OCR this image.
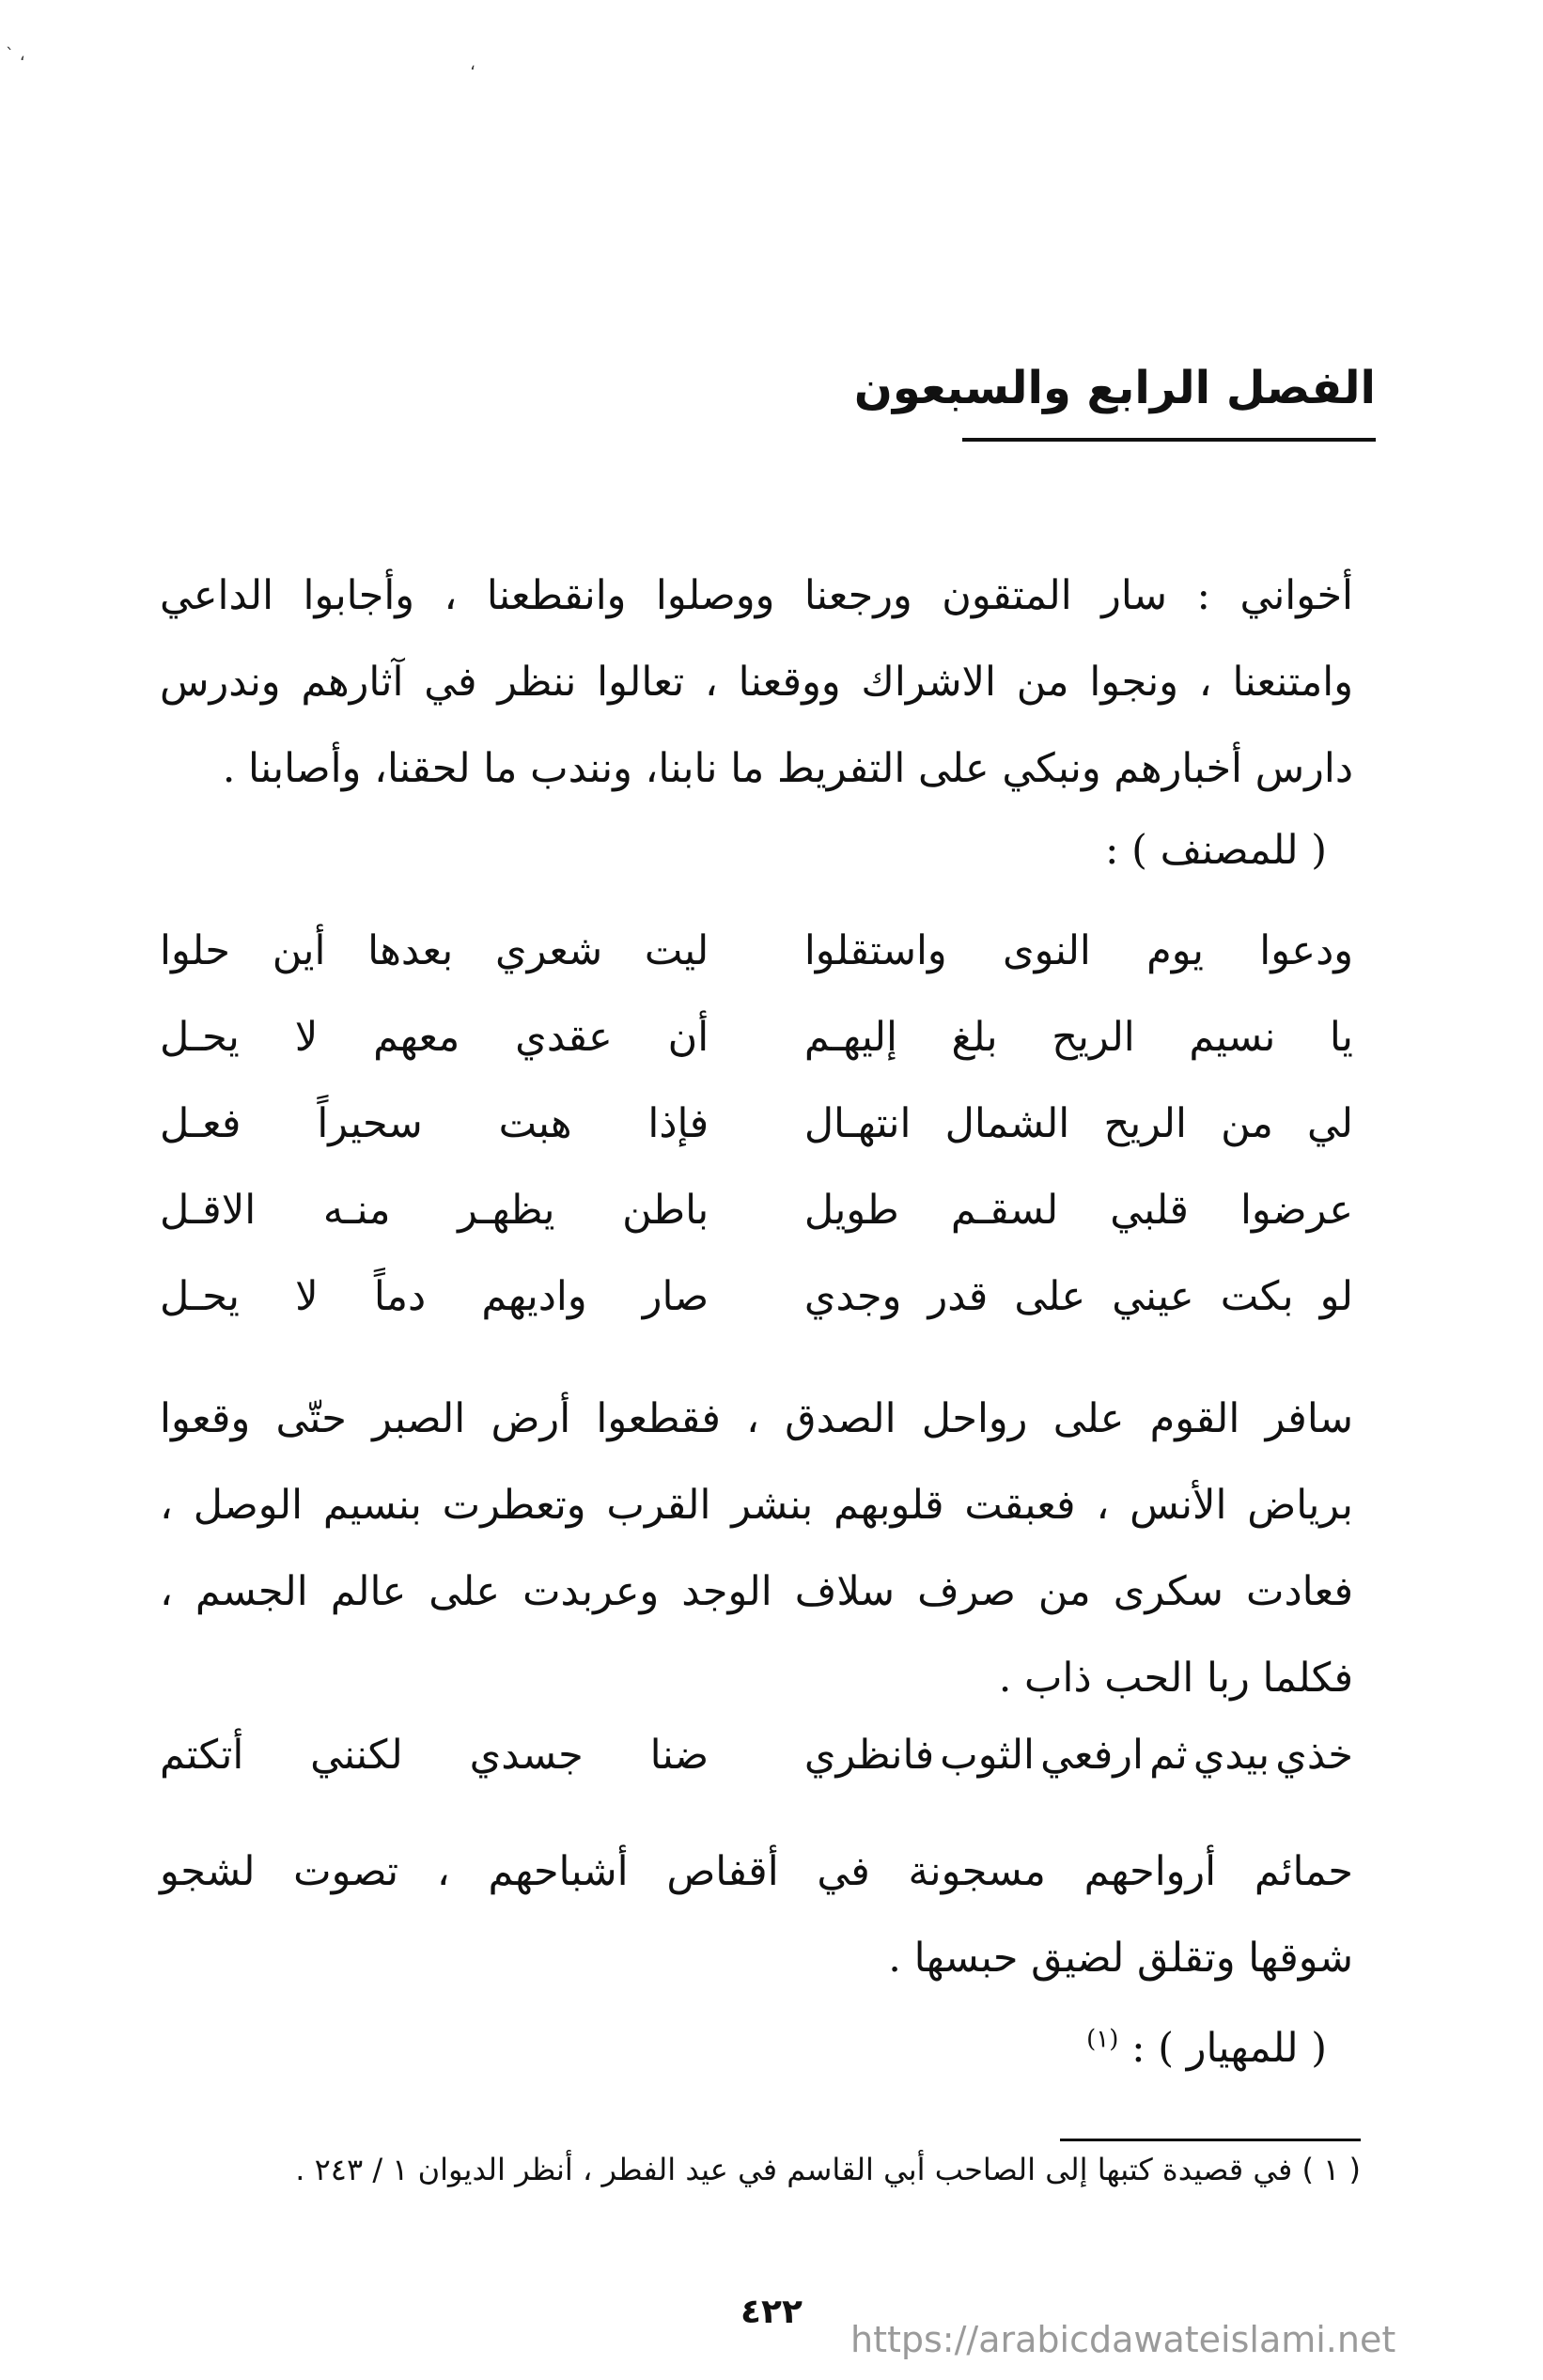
، `	،
الفصل الرابع والسبعون

أخواني : سار المتقون ورجعنا ووصلوا وانقطعنا ، وأجابوا الداعي
وامتنعنا ، ونجوا من الاشراك ووقعنا ، تعالوا ننظر في آثارهم وندرس
دارس أخبارهم ونبكي على التفريط ما نابنا، ونندب ما لحقنا، وأصابنا .

( للمصنف ) :
ودعوا
يوم
النوى
واستقلوا
ليت
شعري
بعدها
أين
حلوا
يا
نسيم
الريح
بلغ
إليهـم
أن
عقدي
معهم
لا
يحـل
لي
من
الريح
الشمال
انتهـال
فإذا
هبت
سحيراً
فعـل
عرضوا
قلبي
لسقـم
طويل
باطن
يظهـر
منـه
الاقـل
لو
بكت
عيني
على
قدر
وجدي
صار
واديهم
دماً
لا
يحـل

سافر القوم على رواحل الصدق ، فقطعوا أرض الصبر حتّى وقعوا
برياض الأنس ، فعبقت قلوبهم بنشر القرب وتعطرت بنسيم الوصل ،
فعادت سكرى من صرف سلاف الوجد وعربدت على عالم الجسم ،
فكلما ربا الحب ذاب .

خذي
بيدي
ثم
ارفعي
الثوب
فانظري
ضنا
جسدي
لكنني
أتكتم

حمائم أرواحهم مسجونة في أقفاص أشباحهم ، تصوت لشجو
شوقها وتقلق لضيق حبسها .

( للمهيار ) : $^{(١)}$
( ١ ) في قصيدة كتبها إلى الصاحب أبي القاسم في عيد الفطر ، أنظر الديوان ١ / ٢٤٣ .
٤٢٢
https://arabicdawateislami.net
